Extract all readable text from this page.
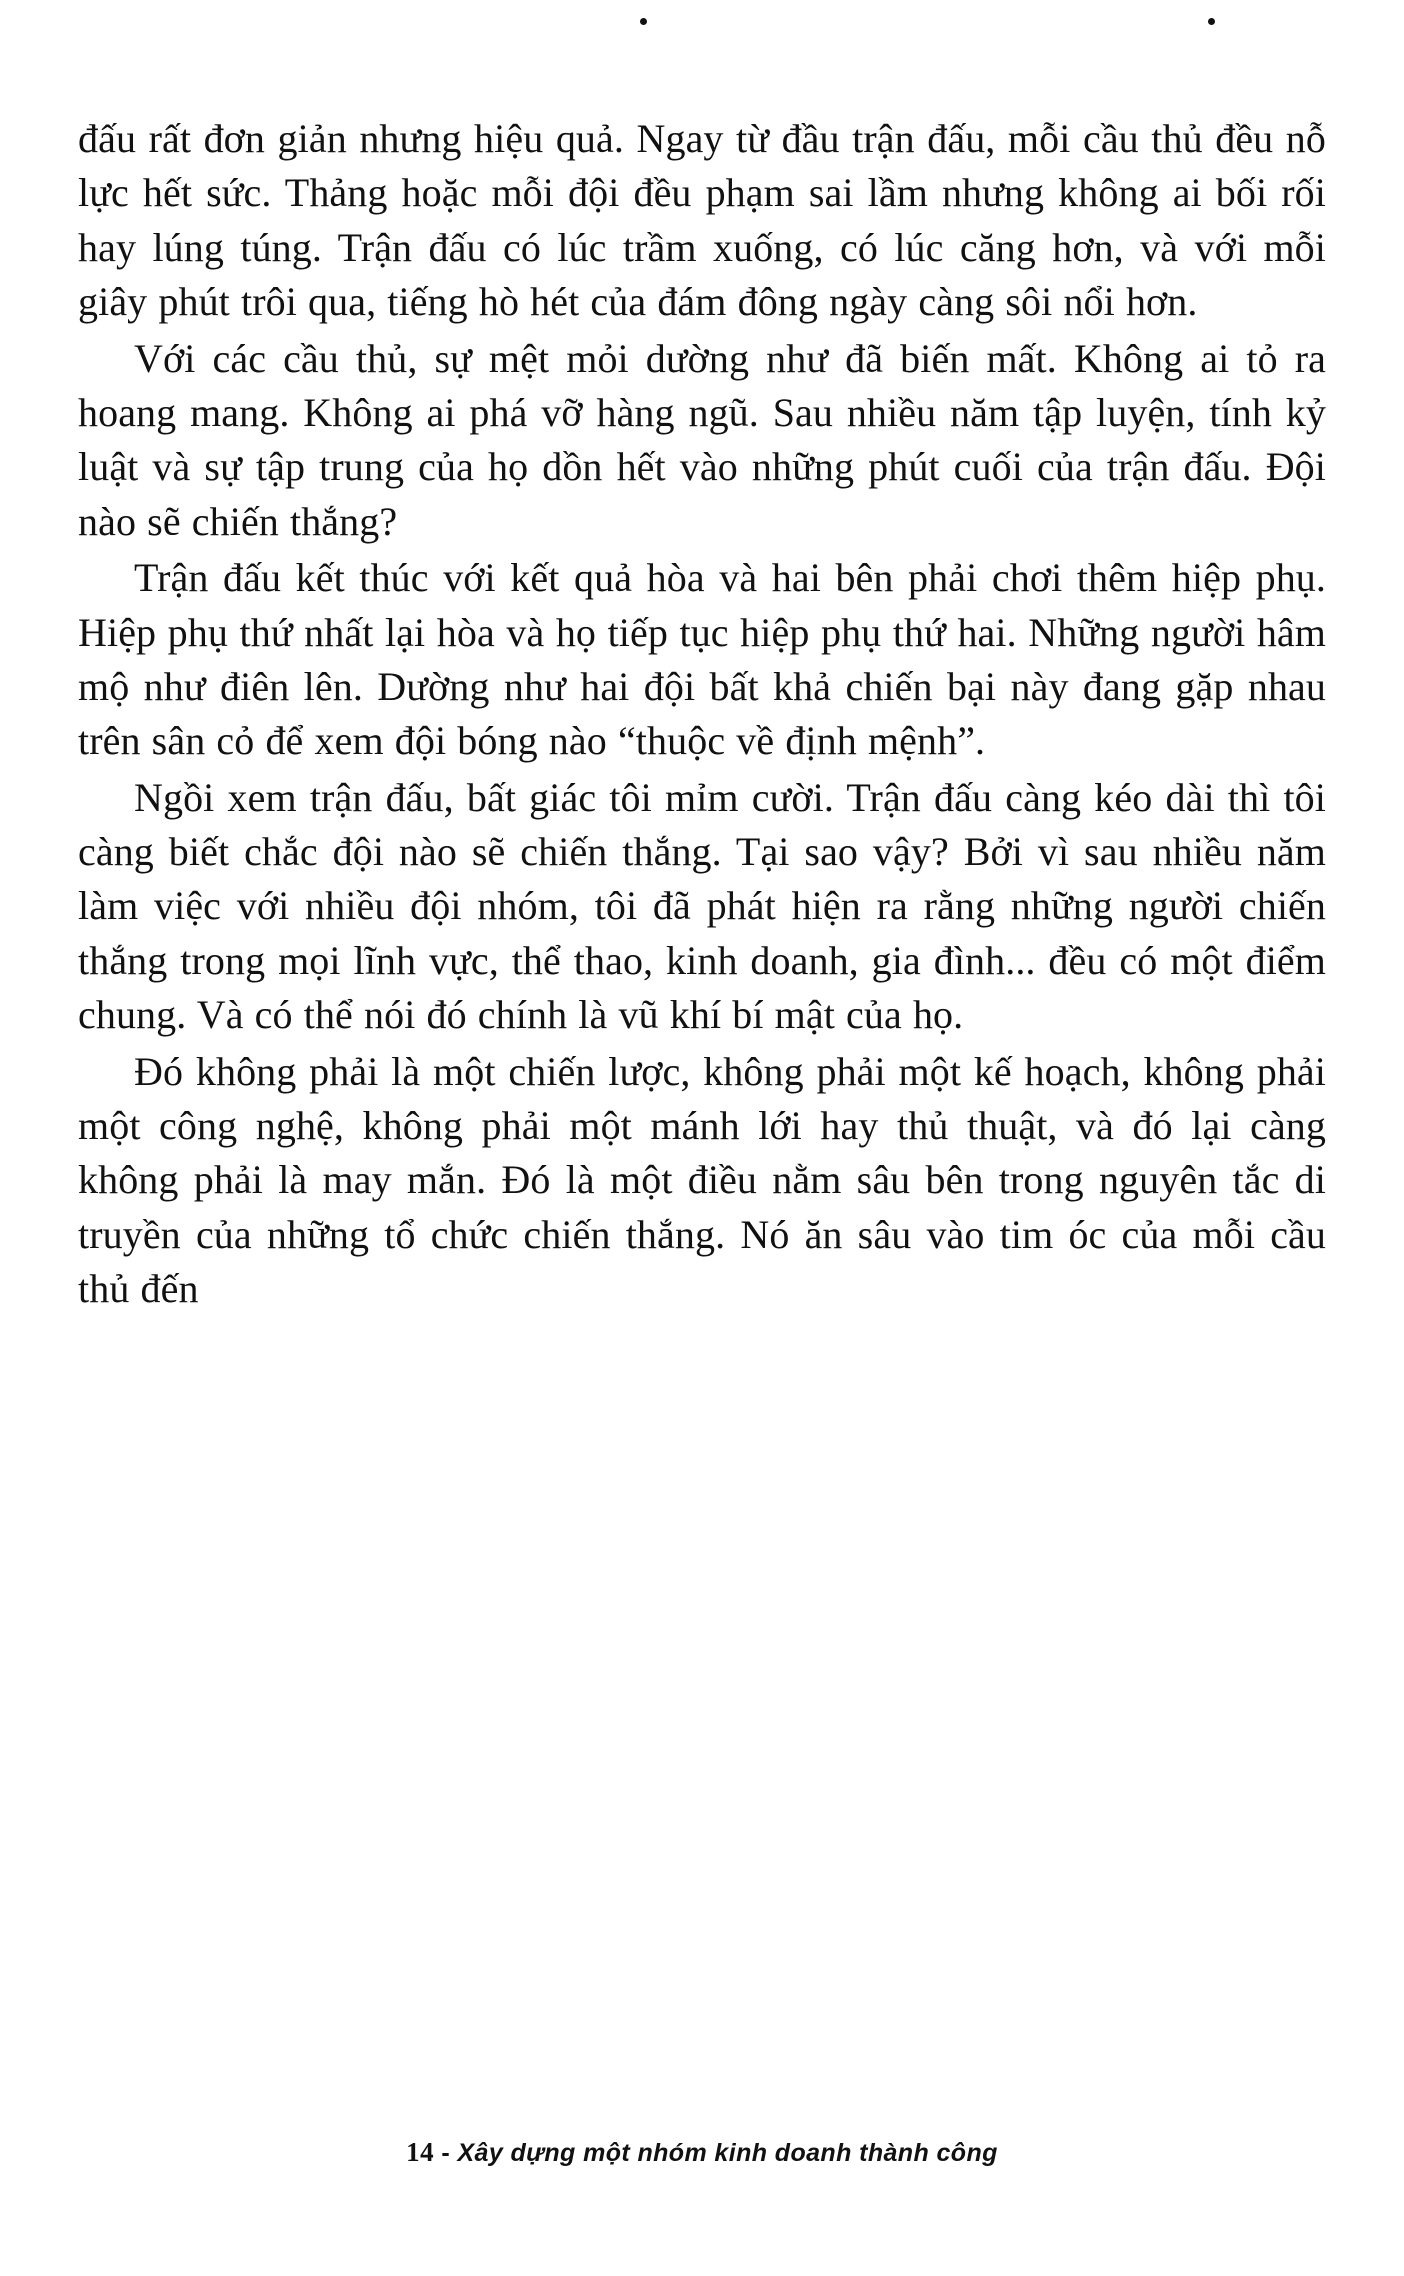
đấu rất đơn giản nhưng hiệu quả. Ngay từ đầu trận đấu, mỗi cầu thủ đều nỗ lực hết sức. Thảng hoặc mỗi đội đều phạm sai lầm nhưng không ai bối rối hay lúng túng. Trận đấu có lúc trầm xuống, có lúc căng hơn, và với mỗi giây phút trôi qua, tiếng hò hét của đám đông ngày càng sôi nổi hơn.

Với các cầu thủ, sự mệt mỏi dường như đã biến mất. Không ai tỏ ra hoang mang. Không ai phá vỡ hàng ngũ. Sau nhiều năm tập luyện, tính kỷ luật và sự tập trung của họ dồn hết vào những phút cuối của trận đấu. Đội nào sẽ chiến thắng?

Trận đấu kết thúc với kết quả hòa và hai bên phải chơi thêm hiệp phụ. Hiệp phụ thứ nhất lại hòa và họ tiếp tục hiệp phụ thứ hai. Những người hâm mộ như điên lên. Dường như hai đội bất khả chiến bại này đang gặp nhau trên sân cỏ để xem đội bóng nào “thuộc về định mệnh”.

Ngồi xem trận đấu, bất giác tôi mỉm cười. Trận đấu càng kéo dài thì tôi càng biết chắc đội nào sẽ chiến thắng. Tại sao vậy? Bởi vì sau nhiều năm làm việc với nhiều đội nhóm, tôi đã phát hiện ra rằng những người chiến thắng trong mọi lĩnh vực, thể thao, kinh doanh, gia đình... đều có một điểm chung. Và có thể nói đó chính là vũ khí bí mật của họ.

Đó không phải là một chiến lược, không phải một kế hoạch, không phải một công nghệ, không phải một mánh lới hay thủ thuật, và đó lại càng không phải là may mắn. Đó là một điều nằm sâu bên trong nguyên tắc di truyền của những tổ chức chiến thắng. Nó ăn sâu vào tim óc của mỗi cầu thủ đến

14 - Xây dựng một nhóm kinh doanh thành công
